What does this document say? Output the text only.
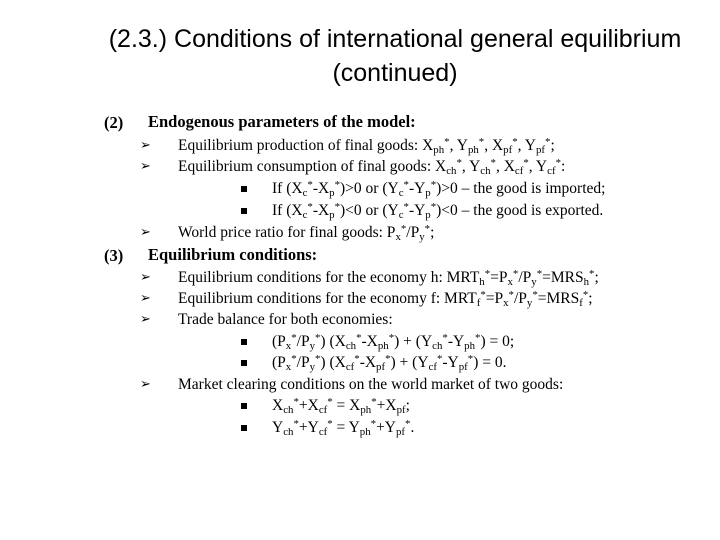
(2.3.) Conditions of international general equilibrium (continued)
(2) Endogenous parameters of the model:
➢ Equilibrium production of final goods: $X_{ph}^*$, $Y_{ph}^*$, $X_{pf}^*$, $Y_{pf}^*$;
➢ Equilibrium consumption of final goods: $X_{ch}^*$, $Y_{ch}^*$, $X_{cf}^*$, $Y_{cf}^*$:
If $(X_c^*-X_p^*)>0$ or $(Y_c^*-Y_p^*)>0$ – the good is imported;
If $(X_c^*-X_p^*)<0$ or $(Y_c^*-Y_p^*)<0$ – the good is exported.
➢ World price ratio for final goods: $P_x^*/P_y^*$;
(3) Equilibrium conditions:
➢ Equilibrium conditions for the economy h: $MRT_h^*=P_x^*/P_y^*=MRS_h^*$;
➢ Equilibrium conditions for the economy f: $MRT_f^*=P_x^*/P_y^*=MRS_f^*$;
➢ Trade balance for both economies:
$(P_x^*/P_y^*) (X_{ch}^*-X_{ph}^*) + (Y_{ch}^*-Y_{ph}^*) = 0$;
$(P_x^*/P_y^*) (X_{cf}^*-X_{pf}^*) + (Y_{cf}^*-Y_{pf}^*) = 0$.
➢ Market clearing conditions on the world market of two goods:
$X_{ch}^*+X_{cf}^* = X_{ph}^*+X_{pf}$;
$Y_{ch}^*+Y_{cf}^* = Y_{ph}^*+Y_{pf}^*$.
